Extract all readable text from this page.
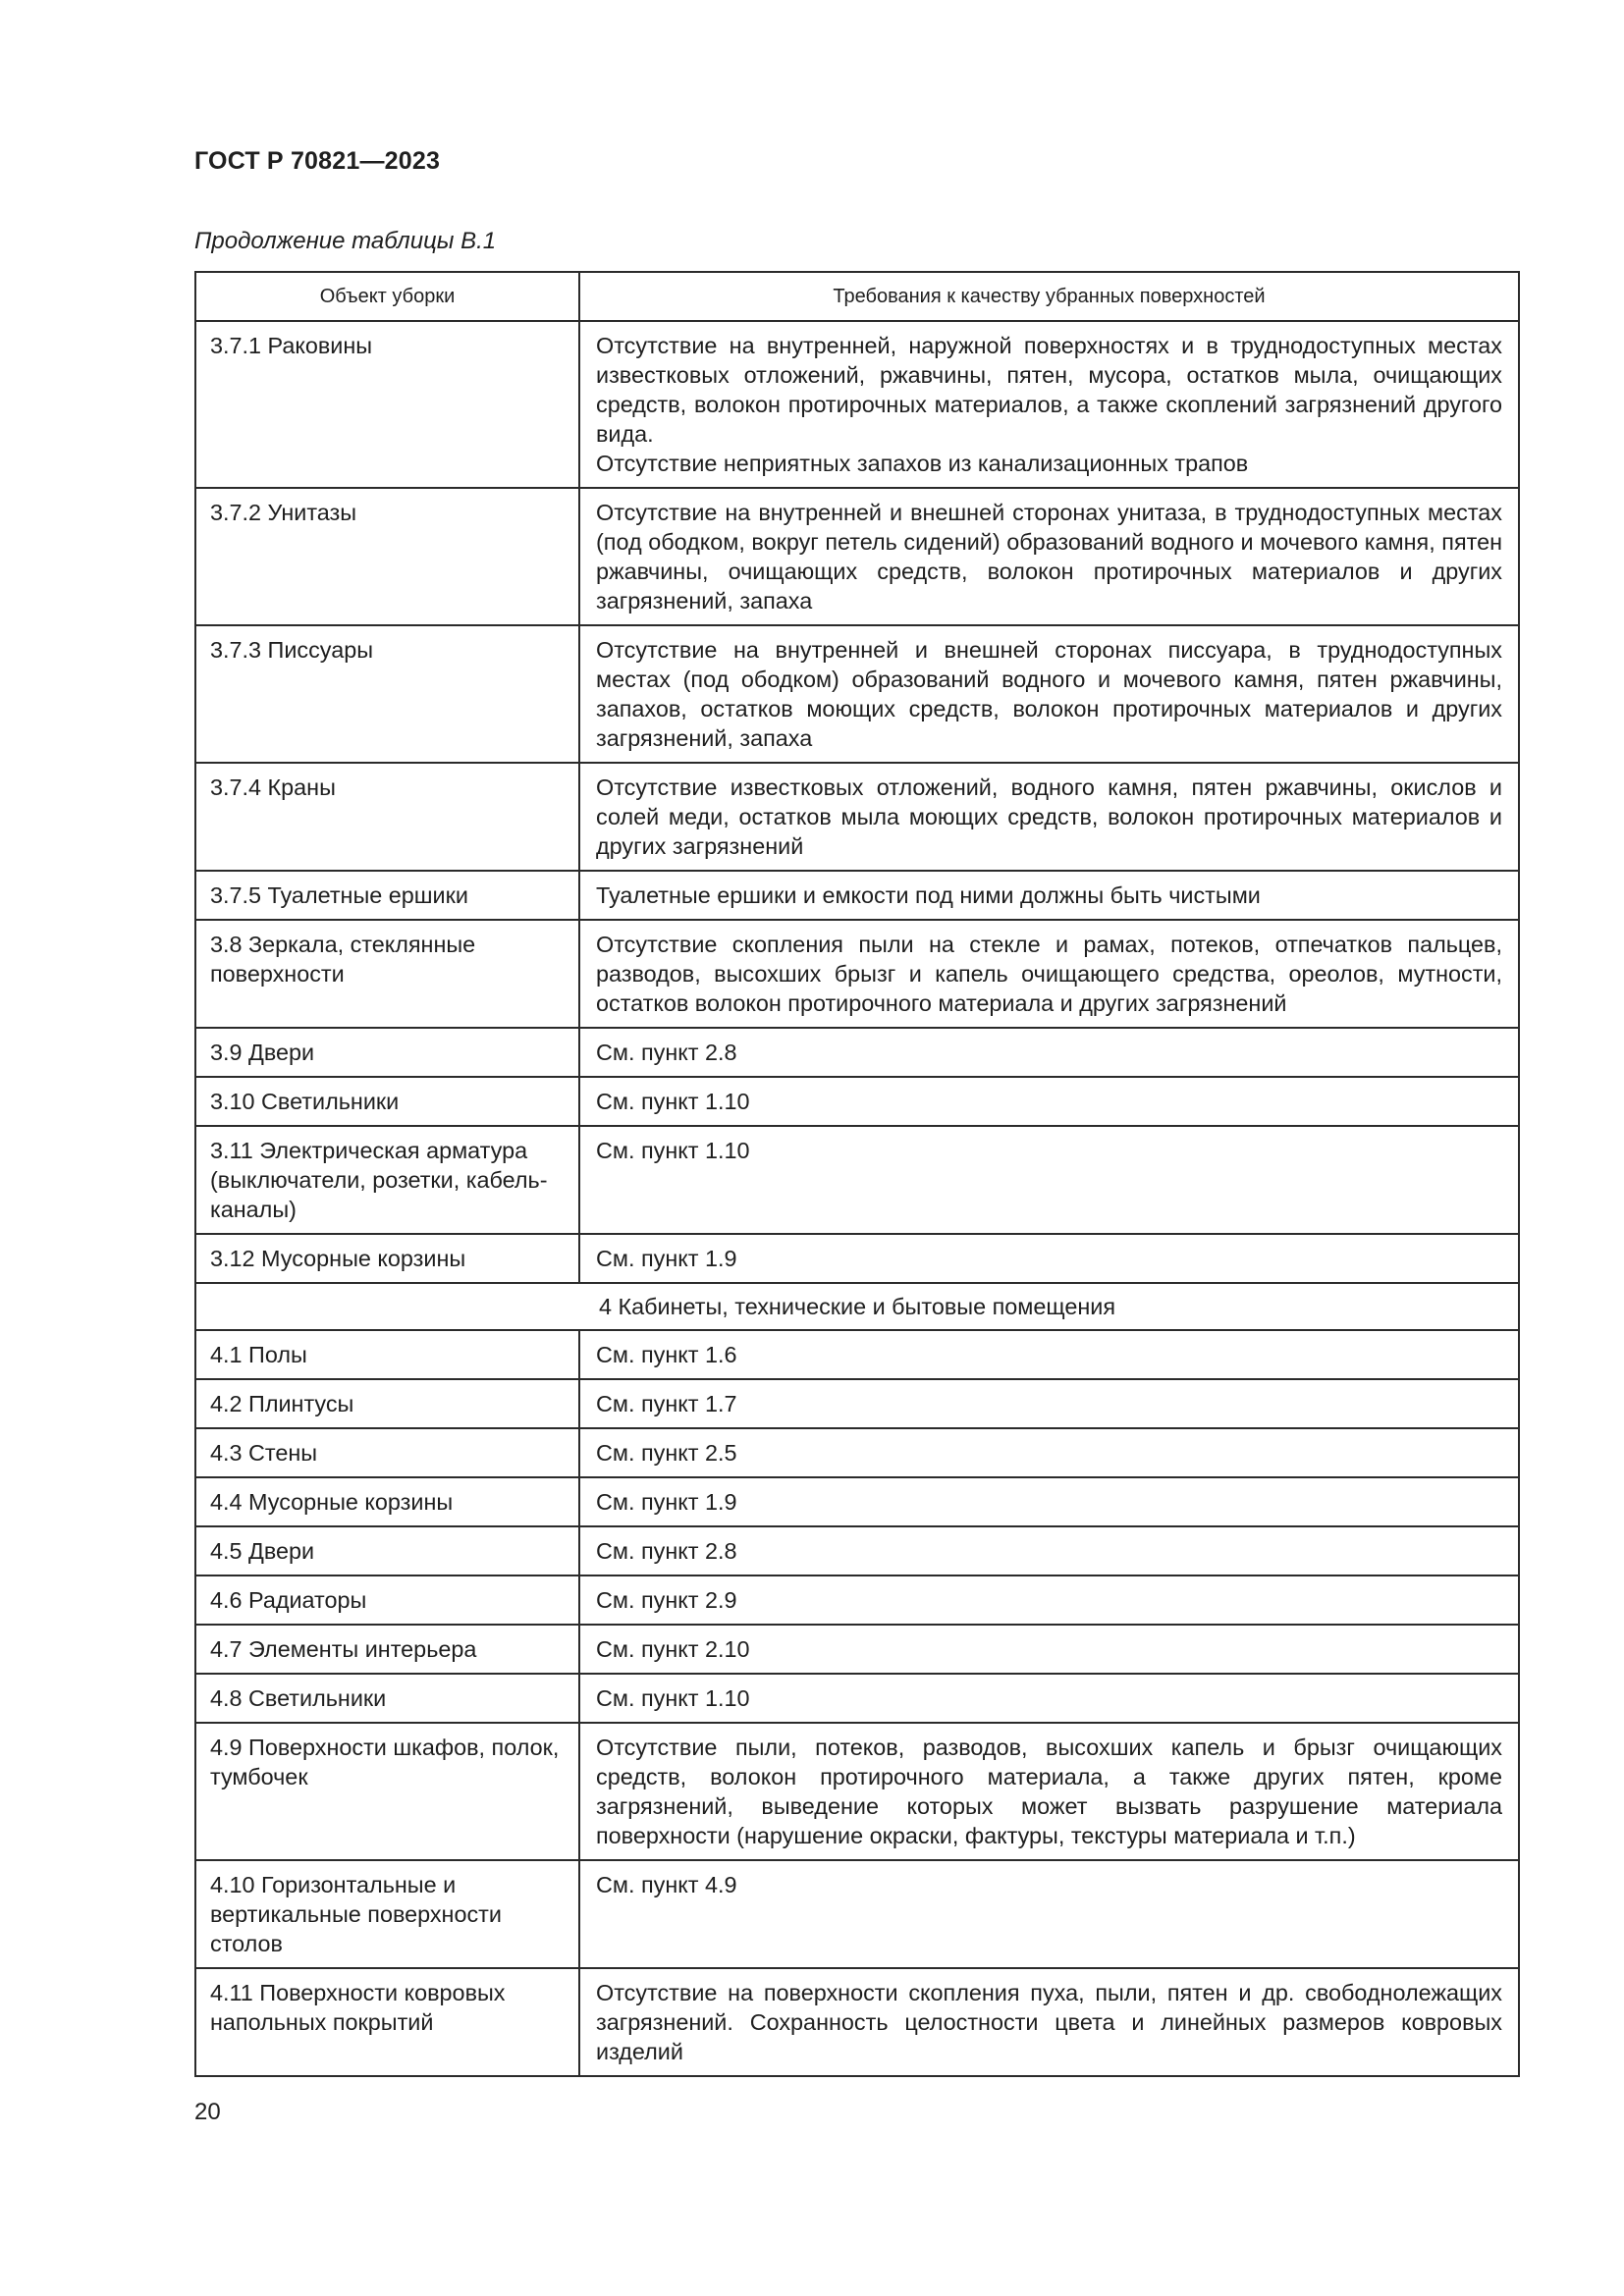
ГОСТ Р 70821—2023
Продолжение таблицы В.1
Объект уборки	Требования к качеству убранных поверхностей
3.7.1 Раковины	Отсутствие на внутренней, наружной поверхностях и в труднодоступных местах известковых отложений, ржавчины, пятен, мусора, остатков мыла, очищающих средств, волокон протирочных материалов, а также скоплений загрязнений другого вида.
Отсутствие неприятных запахов из канализационных трапов

3.7.2 Унитазы	Отсутствие на внутренней и внешней сторонах унитаза, в труднодоступных местах (под ободком, вокруг петель сидений) образований водного и мочевого камня, пятен ржавчины, очищающих средств, волокон протирочных материалов и других загрязнений, запаха

3.7.3 Писсуары	Отсутствие на внутренней и внешней сторонах писсуара, в труднодоступных местах (под ободком) образований водного и мочевого камня, пятен ржавчины, запахов, остатков моющих средств, волокон протирочных материалов и других загрязнений, запаха

3.7.4 Краны	Отсутствие известковых отложений, водного камня, пятен ржавчины, окислов и солей меди, остатков мыла моющих средств, волокон протирочных материалов и других загрязнений

3.7.5 Туалетные ершики	Туалетные ершики и емкости под ними должны быть чистыми

3.8 Зеркала, стеклянные поверхности	Отсутствие скопления пыли на стекле и рамах, потеков, отпечатков пальцев, разводов, высохших брызг и капель очищающего средства, ореолов, мутности, остатков волокон протирочного материала и других загрязнений

3.9 Двери	См. пункт 2.8

3.10 Светильники	См. пункт 1.10

3.11 Электрическая арматура (выключатели, розетки, кабель-каналы)	См. пункт 1.10

3.12 Мусорные корзины	См. пункт 1.9

4 Кабинеты, технические и бытовые помещения	
4.1 Полы	См. пункт 1.6

4.2 Плинтусы	См. пункт 1.7

4.3 Стены	См. пункт 2.5

4.4 Мусорные корзины	См. пункт 1.9

4.5 Двери	См. пункт 2.8

4.6 Радиаторы	См. пункт 2.9

4.7 Элементы интерьера	См. пункт 2.10

4.8 Светильники	См. пункт 1.10

4.9 Поверхности шкафов, полок, тумбочек	Отсутствие пыли, потеков, разводов, высохших капель и брызг очищающих средств, волокон протирочного материала, а также других пятен, кроме загрязнений, выведение которых может вызвать разрушение материала поверхности (нарушение окраски, фактуры, текстуры материала и т.п.)

4.10 Горизонтальные и вертикальные поверхности столов	См. пункт 4.9

4.11 Поверхности ковровых напольных покрытий	Отсутствие на поверхности скопления пуха, пыли, пятен и др. свободнолежащих загрязнений. Сохранность целостности цвета и линейных размеров ковровых изделий
20
